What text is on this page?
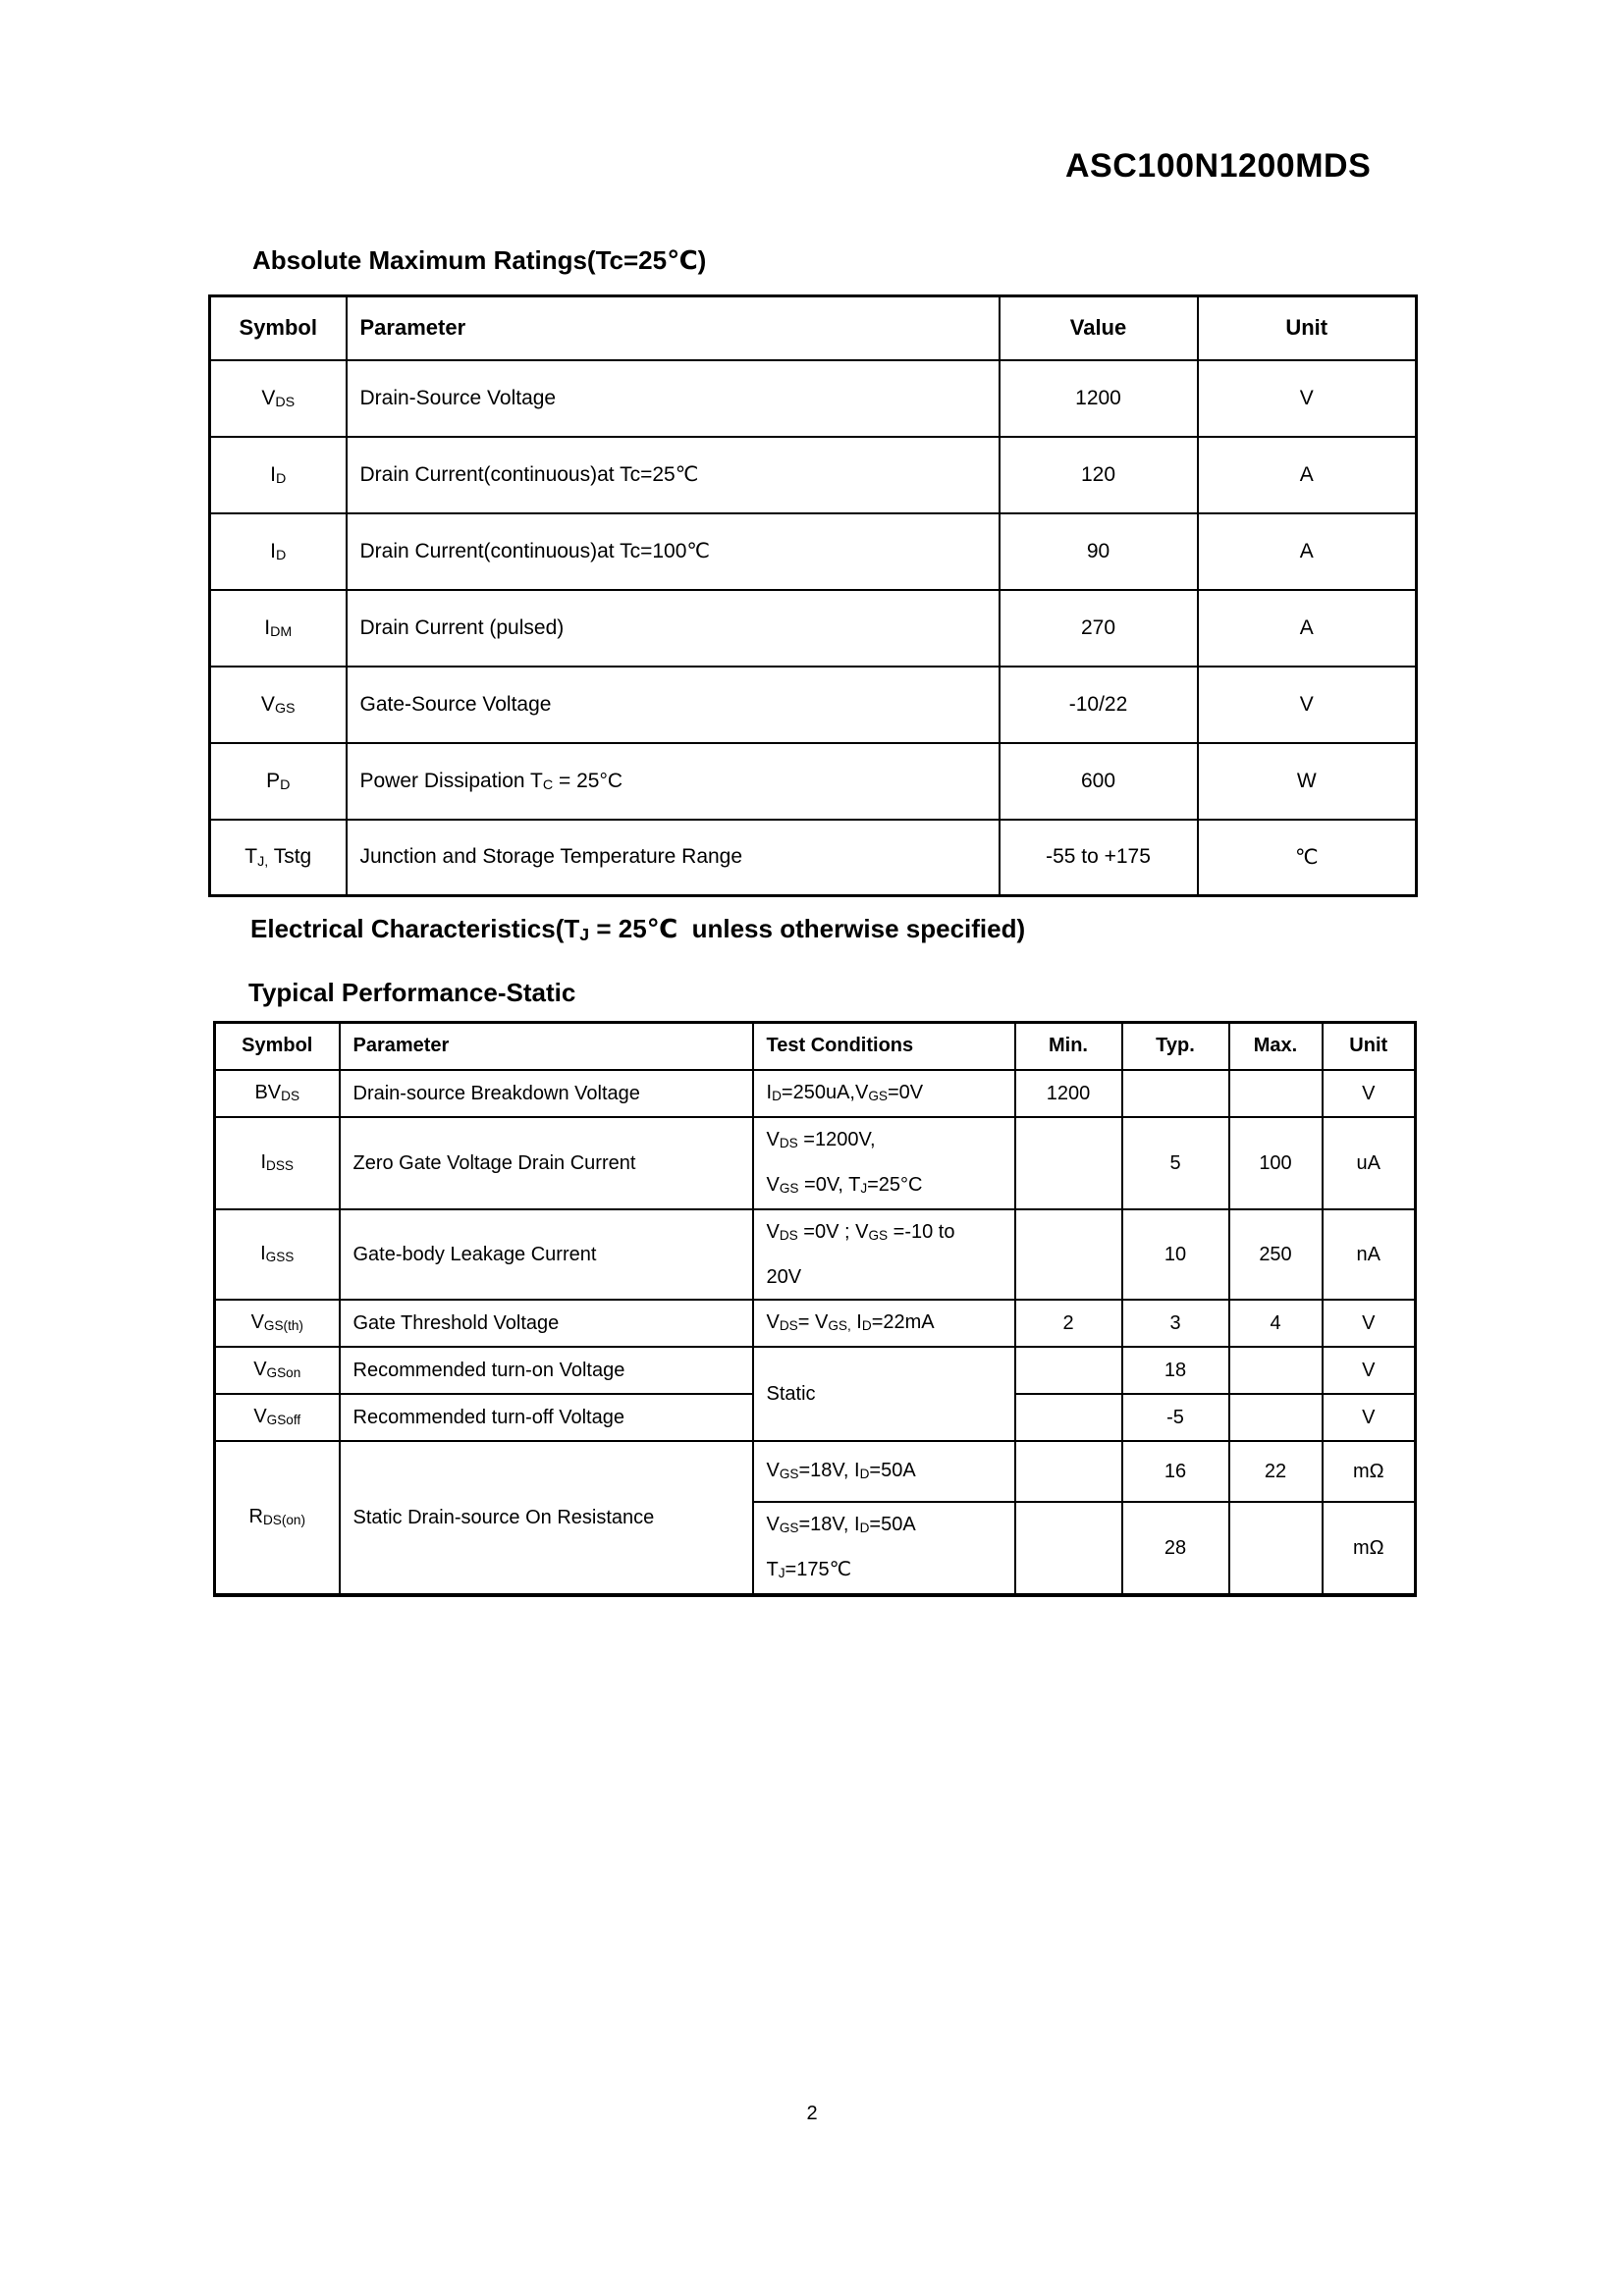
ASC100N1200MDS
Absolute Maximum Ratings(Tc=25℃)
Symbol	Parameter	Value	Unit

VDS	Drain-Source Voltage	1200	V

ID	Drain Current(continuous)at Tc=25℃	120	A

ID	Drain Current(continuous)at Tc=100℃	90	A

IDM	Drain Current (pulsed)	270	A

VGS	Gate-Source Voltage	-10/22	V

PD	Power Dissipation TC = 25°C	600	W

TJ, Tstg	Junction and Storage Temperature Range	-55 to +175	℃
Electrical Characteristics(TJ = 25℃  unless otherwise specified)
Typical Performance-Static
Symbol	Parameter	Test Conditions	Min.	Typ.	Max.	Unit

BVDS	Drain-source Breakdown Voltage	ID=250uA,VGS=0V	1200			V

IDSS	Zero Gate Voltage Drain Current	VDS =1200V,
VGS =0V, TJ=25°C		5	100	uA

IGSS	Gate-body Leakage Current	VDS =0V ; VGS =-10 to
20V		10	250	nA

VGS(th)	Gate Threshold Voltage	VDS= VGS, ID=22mA	2	3	4	V

VGSon	Recommended turn-on Voltage	Static		18		V

VGSoff	Recommended turn-off Voltage			-5		V

RDS(on)	Static Drain-source On Resistance	VGS=18V, ID=50A		16	22	mΩ

		VGS=18V, ID=50A
TJ=175℃		28		mΩ
2
